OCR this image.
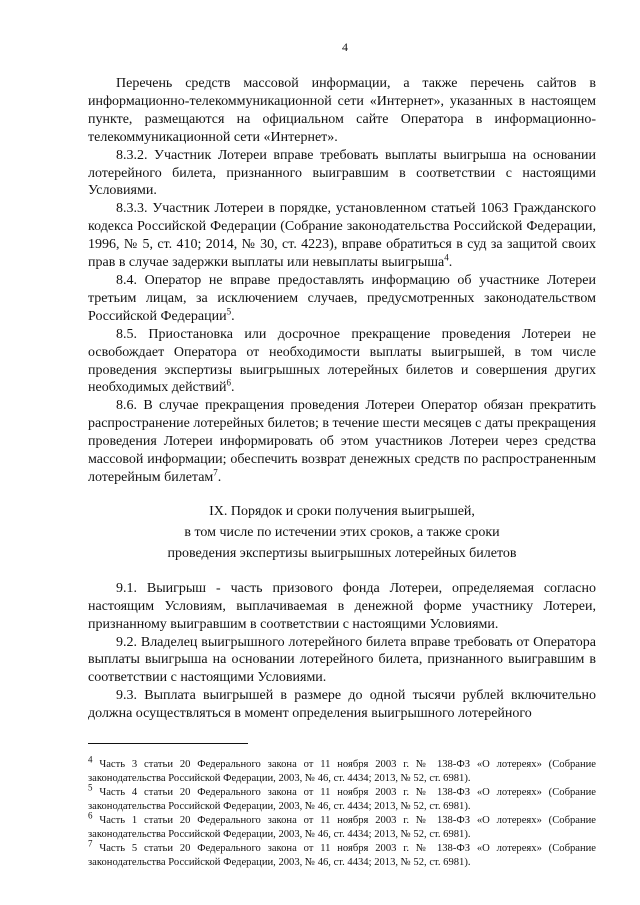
4

Перечень средств массовой информации, а также перечень сайтов в информационно-телекоммуникационной сети «Интернет», указанных в настоящем пункте, размещаются на официальном сайте Оператора в информационно-телекоммуникационной сети «Интернет».

8.3.2. Участник Лотереи вправе требовать выплаты выигрыша на основании лотерейного билета, признанного выигравшим в соответствии с настоящими Условиями.

8.3.3. Участник Лотереи в порядке, установленном статьей 1063 Гражданского кодекса Российской Федерации (Собрание законодательства Российской Федерации, 1996, № 5, ст. 410; 2014, № 30, ст. 4223), вправе обратиться в суд за защитой своих прав в случае задержки выплаты или невыплаты выигрыша$^4$.

8.4. Оператор не вправе предоставлять информацию об участнике Лотереи третьим лицам, за исключением случаев, предусмотренных законодательством Российской Федерации$^5$.

8.5. Приостановка или досрочное прекращение проведения Лотереи не освобождает Оператора от необходимости выплаты выигрышей, в том числе проведения экспертизы выигрышных лотерейных билетов и совершения других необходимых действий$^6$.

8.6. В случае прекращения проведения Лотереи Оператор обязан прекратить распространение лотерейных билетов; в течение шести месяцев с даты прекращения проведения Лотереи информировать об этом участников Лотереи через средства массовой информации; обеспечить возврат денежных средств по распространенным лотерейным билетам$^7$.

IX. Порядок и сроки получения выигрышей,
в том числе по истечении этих сроков, а также сроки
проведения экспертизы выигрышных лотерейных билетов

9.1. Выигрыш - часть призового фонда Лотереи, определяемая согласно настоящим Условиям, выплачиваемая в денежной форме участнику Лотереи, признанному выигравшим в соответствии с настоящими Условиями.

9.2. Владелец выигрышного лотерейного билета вправе требовать от Оператора выплаты выигрыша на основании лотерейного билета, признанного выигравшим в соответствии с настоящими Условиями.

9.3. Выплата выигрышей в размере до одной тысячи рублей включительно должна осуществляться в момент определения выигрышного лотерейного

$^4$ Часть 3 статьи 20 Федерального закона от 11 ноября 2003 г. № 138-ФЗ «О лотереях» (Собрание законодательства Российской Федерации, 2003, № 46, ст. 4434; 2013, № 52, ст. 6981).

$^5$ Часть 4 статьи 20 Федерального закона от 11 ноября 2003 г. № 138-ФЗ «О лотереях» (Собрание законодательства Российской Федерации, 2003, № 46, ст. 4434; 2013, № 52, ст. 6981).

$^6$ Часть 1 статьи 20 Федерального закона от 11 ноября 2003 г. № 138-ФЗ «О лотереях» (Собрание законодательства Российской Федерации, 2003, № 46, ст. 4434; 2013, № 52, ст. 6981).

$^7$ Часть 5 статьи 20 Федерального закона от 11 ноября 2003 г. № 138-ФЗ «О лотереях» (Собрание законодательства Российской Федерации, 2003, № 46, ст. 4434; 2013, № 52, ст. 6981).
